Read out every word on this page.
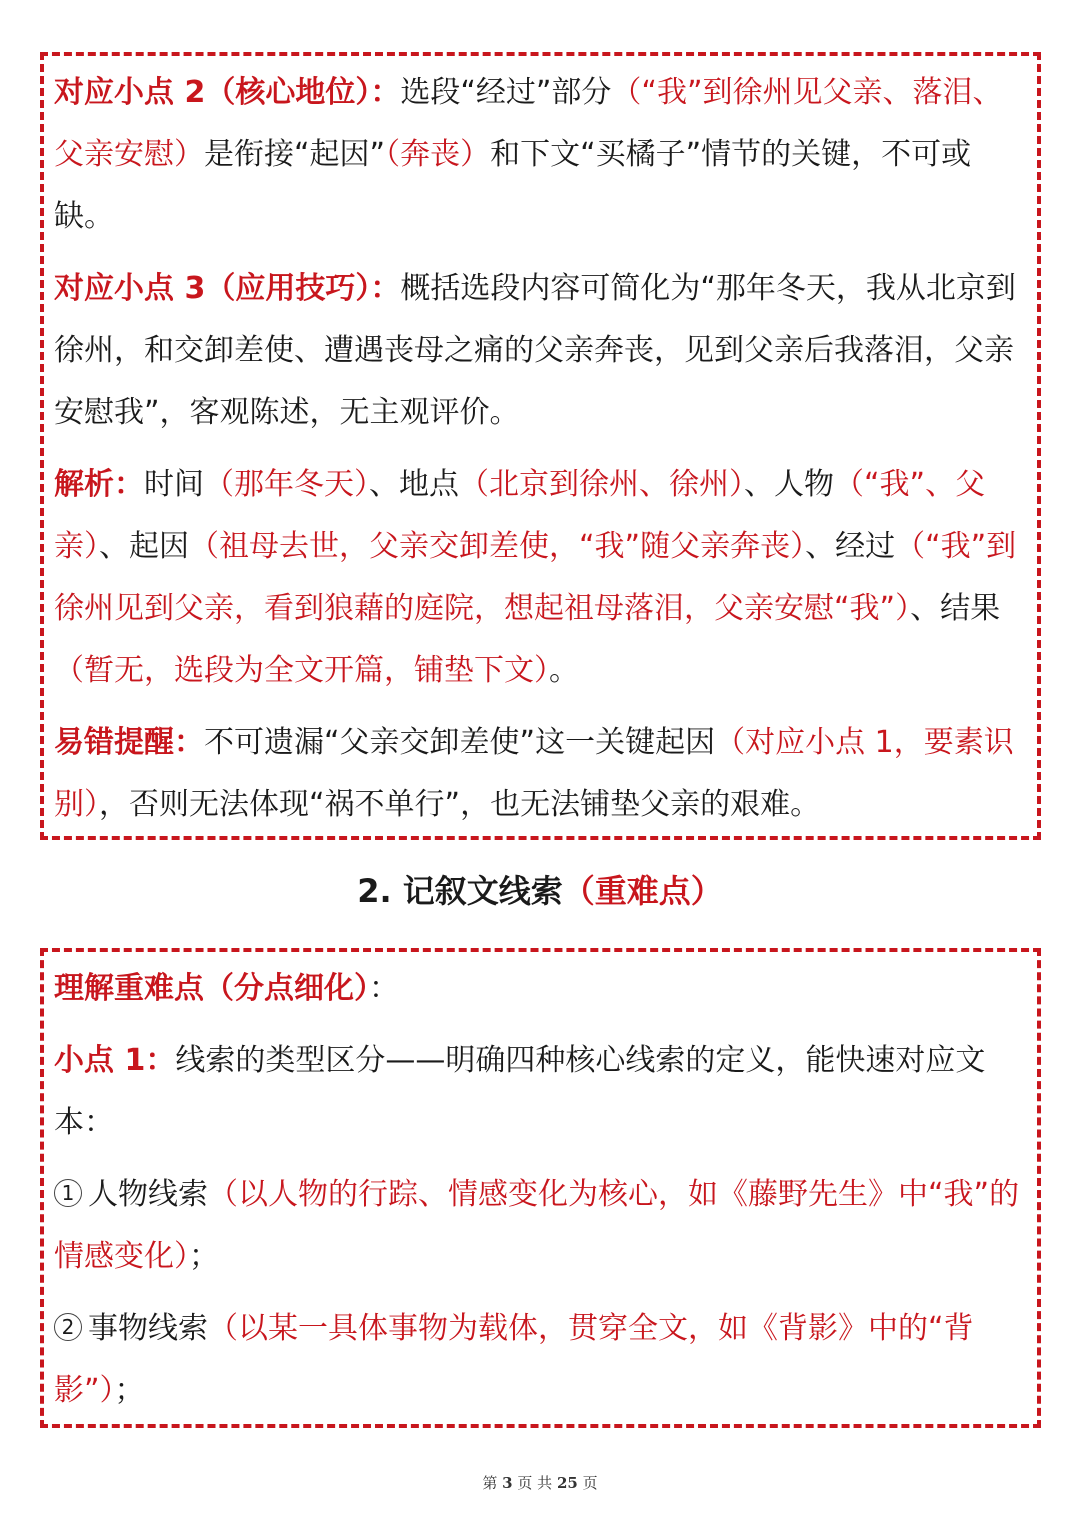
对应小点 2（核心地位）：选段“经过”部分（“我”到徐州见父亲、落泪、父亲安慰）是衔接“起因”（奔丧）和下文“买橘子”情节的关键，不可或缺。

对应小点 3（应用技巧）：概括选段内容可简化为“那年冬天，我从北京到徐州，和交卸差使、遭遇丧母之痛的父亲奔丧，见到父亲后我落泪，父亲安慰我”，客观陈述，无主观评价。

解析：时间（那年冬天）、地点（北京到徐州、徐州）、人物（“我”、父亲）、起因（祖母去世，父亲交卸差使，“我”随父亲奔丧）、经过（“我”到徐州见到父亲，看到狼藉的庭院，想起祖母落泪，父亲安慰“我”）、结果（暂无，选段为全文开篇，铺垫下文）。

易错提醒：不可遗漏“父亲交卸差使”这一关键起因（对应小点 1，要素识别），否则无法体现“祸不单行”，也无法铺垫父亲的艰难。

2. 记叙文线索（重难点）

理解重难点（分点细化）：

小点 1：线索的类型区分——明确四种核心线索的定义，能快速对应文本：

1 人物线索（以人物的行踪、情感变化为核心，如《藤野先生》中“我”的情感变化）；

2 事物线索（以某一具体事物为载体，贯穿全文，如《背影》中的“背影”）；

第 3 页 共 25 页
